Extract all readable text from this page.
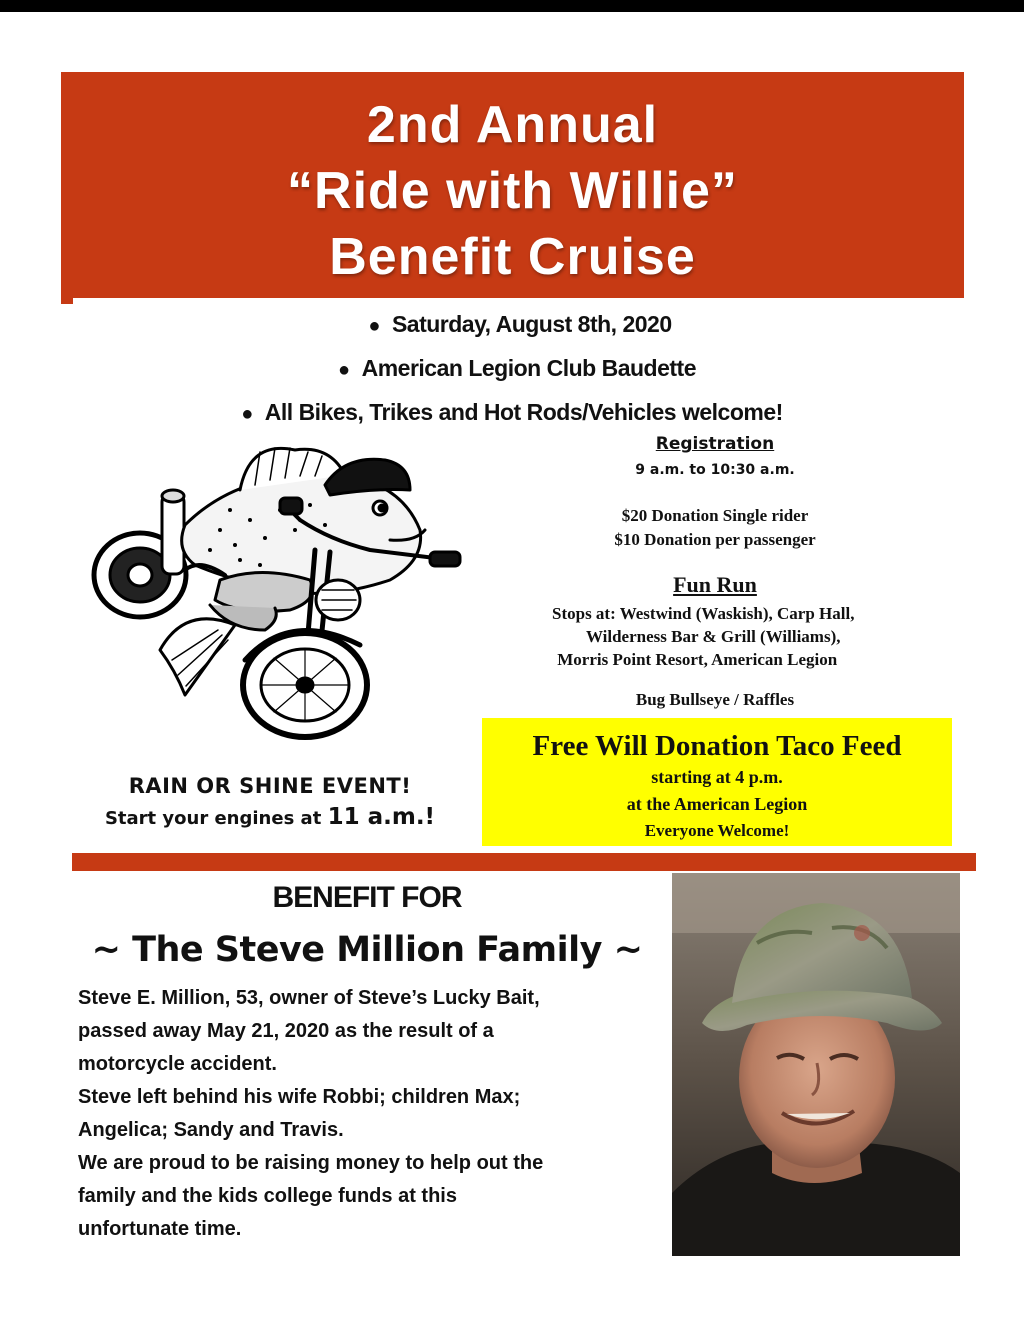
2nd Annual
“Ride with Willie”
Benefit Cruise
● Saturday, August 8th, 2020
● American Legion Club Baudette
● All Bikes, Trikes and Hot Rods/Vehicles welcome!
Registration
9 a.m. to 10:30 a.m.
$20 Donation Single rider
$10 Donation per passenger
Fun Run
Stops at: Westwind (Waskish), Carp Hall,
Wilderness Bar & Grill (Williams),
Morris Point Resort, American Legion
Bug Bullseye / Raffles
Free Will Donation Taco Feed
starting at 4 p.m.
at the American Legion
Everyone Welcome!
RAIN OR SHINE EVENT!
Start your engines at 11 a.m.!
BENEFIT FOR
~ The Steve Million Family ~

Steve E. Million, 53, owner of Steve’s Lucky Bait,

passed away May 21, 2020 as the result of a

motorcycle accident.

Steve left behind his wife Robbi; children Max;

Angelica; Sandy and Travis.

We are proud to be raising money to help out the

family and the kids college funds at this

unfortunate time.
